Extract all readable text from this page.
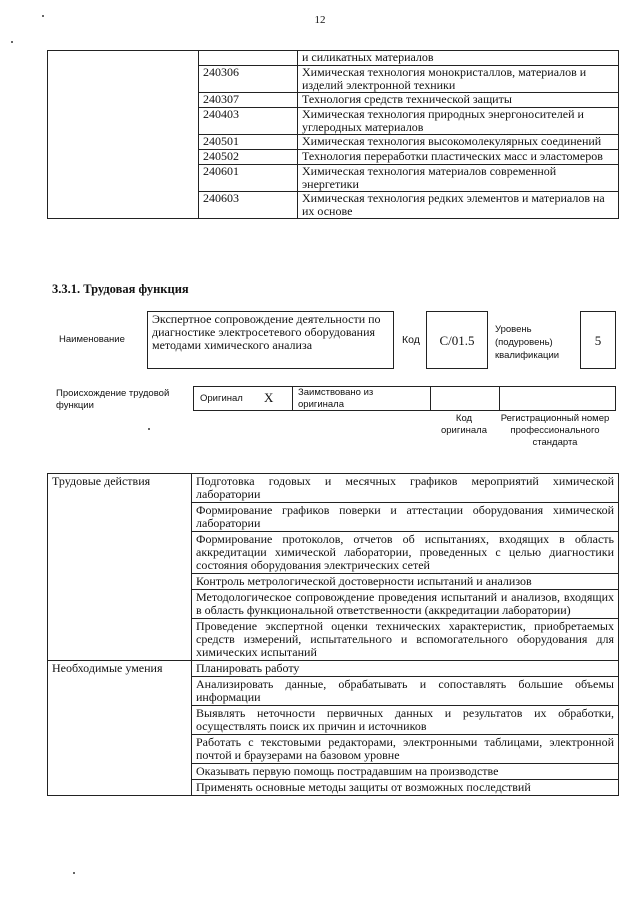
12
		и силикатных материалов
	240306	Химическая технология монокристаллов, материалов и изделий электронной техники
	240307	Технология средств технической защиты
	240403	Химическая технология природных энергоносителей и углеродных материалов
	240501	Химическая технология высокомолекулярных соединений
	240502	Технология переработки пластических масс и эластомеров
	240601	Химическая технология материалов современной энергетики
	240603	Химическая технология редких элементов и материалов на их основе
3.3.1. Трудовая функция
Наименование
Экспертное сопровождение деятельности по диагностике электросетевого оборудования методами химического анализа	Код С/01.5
Уровень (подуровень) квалификации
5
Происхождение трудовой функции
Оригинал X	Заимствовано из оригинала
Код оригинала
Регистрационный номер профессионального стандарта
Трудовые действия	Подготовка годовых и месячных графиков мероприятий химической лаборатории
	Формирование графиков поверки и аттестации оборудования химической лаборатории
	Формирование протоколов, отчетов об испытаниях, входящих в область аккредитации химической лаборатории, проведенных с целью диагностики состояния оборудования электрических сетей
	Контроль метрологической достоверности испытаний и анализов
	Методологическое сопровождение проведения испытаний и анализов, входящих в область функциональной ответственности (аккредитации лаборатории)
	Проведение экспертной оценки технических характеристик, приобретаемых средств измерений, испытательного и вспомогательного оборудования для химических испытаний
Необходимые умения	Планировать работу
	Анализировать данные, обрабатывать и сопоставлять большие объемы информации
	Выявлять неточности первичных данных и результатов их обработки, осуществлять поиск их причин и источников
	Работать с текстовыми редакторами, электронными таблицами, электронной почтой и браузерами на базовом уровне
	Оказывать первую помощь пострадавшим на производстве
	Применять основные методы защиты от возможных последствий
